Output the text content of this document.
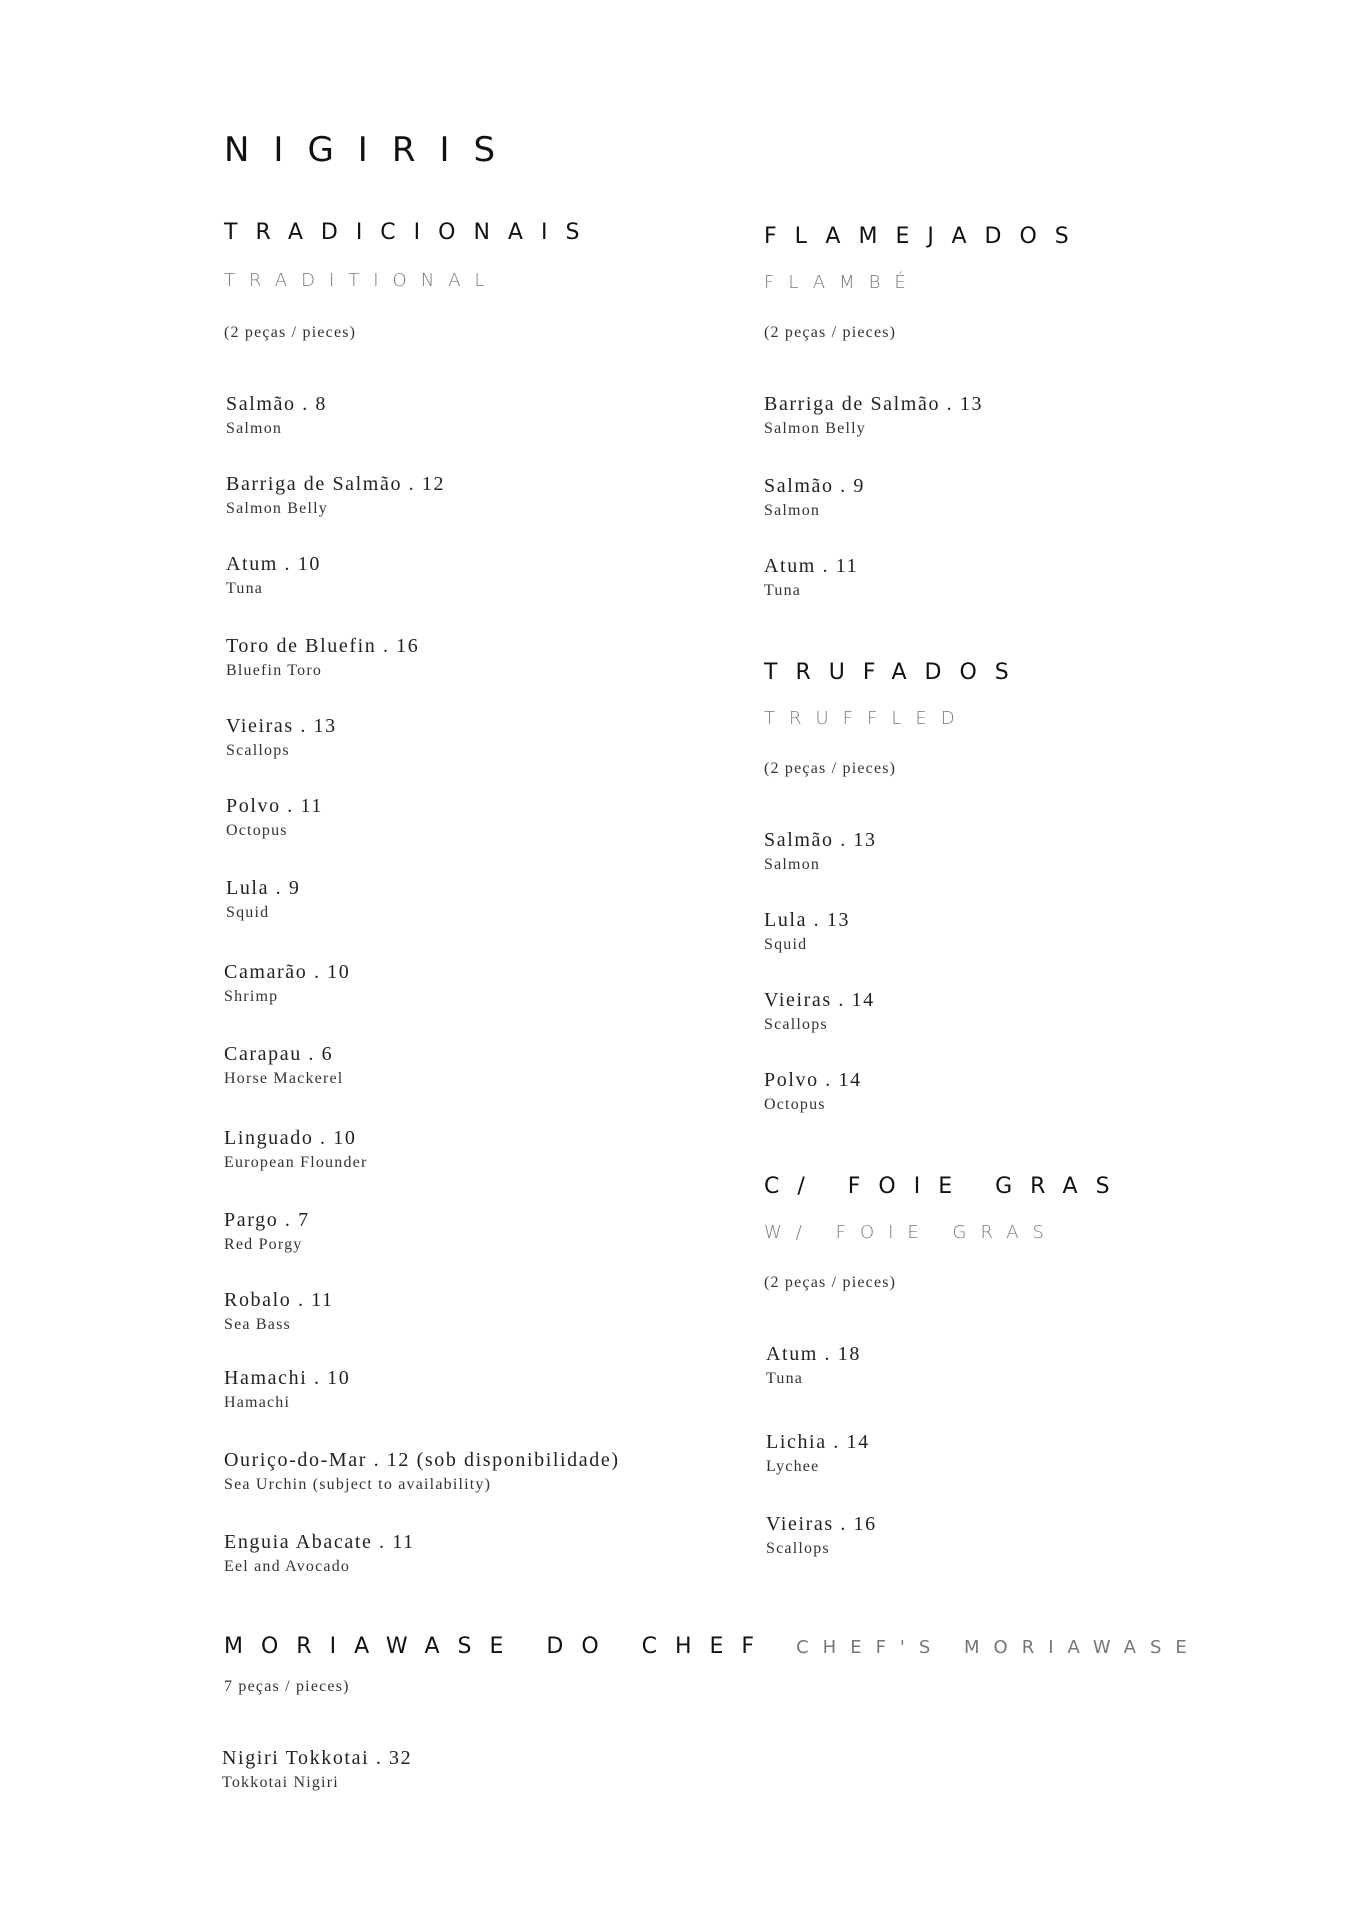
NIGIRIS
TRADICIONAIS
TRADITIONAL
(2 peças / pieces)
Salmão . 8
Salmon
Barriga de Salmão . 12
Salmon Belly
Atum . 10
Tuna
Toro de Bluefin . 16
Bluefin Toro
Vieiras . 13
Scallops
Polvo . 11
Octopus
Lula . 9
Squid
Camarão . 10
Shrimp
Carapau . 6
Horse Mackerel
Linguado . 10
European Flounder
Pargo . 7
Red Porgy
Robalo . 11
Sea Bass
Hamachi . 10
Hamachi
Ouriço-do-Mar . 12 (sob disponibilidade)
Sea Urchin (subject to availability)
Enguia Abacate . 11
Eel and Avocado
FLAMEJADOS
FLAMBÉ
(2 peças / pieces)
Barriga de Salmão . 13
Salmon Belly
Salmão . 9
Salmon
Atum . 11
Tuna
TRUFADOS
TRUFFLED
(2 peças / pieces)
Salmão . 13
Salmon
Lula . 13
Squid
Vieiras . 14
Scallops
Polvo . 14
Octopus
C/ FOIE GRAS
W/ FOIE GRAS
(2 peças / pieces)
Atum . 18
Tuna
Lichia . 14
Lychee
Vieiras . 16
Scallops
MORIAWASE DO CHEF CHEF'S MORIAWASE
7 peças / pieces)
Nigiri Tokkotai . 32
Tokkotai Nigiri
